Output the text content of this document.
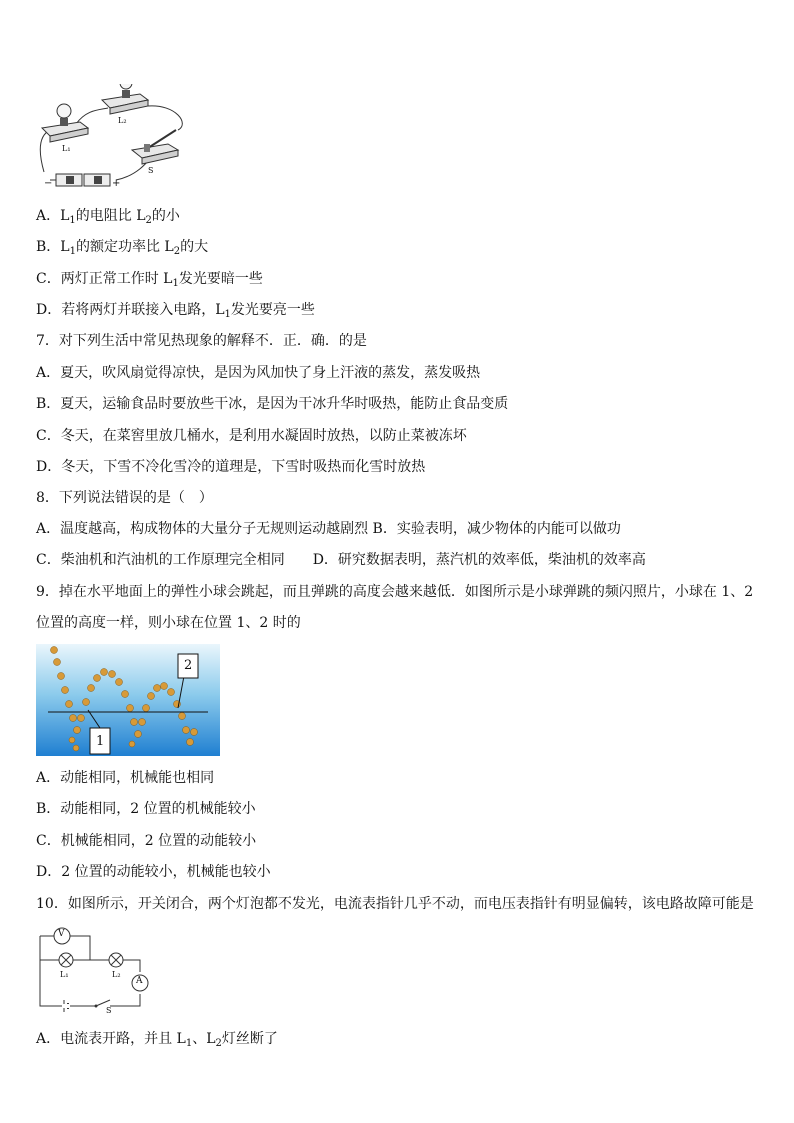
L₂
L₁
S
−	+
A．$L_1$的电阻比 $L_2$的小
B．$L_1$的额定功率比 $L_2$的大
C．两灯正常工作时 $L_1$发光要暗一些
D．若将两灯并联接入电路，$L_1$发光要亮一些
7．对下列生活中常见热现象的解释不．正．确．的是
A．夏天，吹风扇觉得凉快，是因为风加快了身上汗液的蒸发，蒸发吸热
B．夏天，运输食品时要放些干冰，是因为干冰升华时吸热，能防止食品变质
C．冬天，在菜窖里放几桶水，是利用水凝固时放热，以防止菜被冻坏
D．冬天，下雪不冷化雪冷的道理是，下雪时吸热而化雪时放热
8．下列说法错误的是（　）
A．温度越高，构成物体的大量分子无规则运动越剧烈 B．实验表明，减少物体的内能可以做功
C．柴油机和汽油机的工作原理完全相同　　D．研究数据表明，蒸汽机的效率低，柴油机的效率高
9．掉在水平地面上的弹性小球会跳起，而且弹跳的高度会越来越低．如图所示是小球弹跳的频闪照片，小球在 1、2
位置的高度一样，则小球在位置 1、2 时的
1
2
A．动能相同，机械能也相同
B．动能相同，2 位置的机械能较小
C．机械能相同，2 位置的动能较小
D．2 位置的动能较小，机械能也较小
10．如图所示，开关闭合，两个灯泡都不发光，电流表指针几乎不动，而电压表指针有明显偏转，该电路故障可能是
V
A
L₁	L₂
S
A．电流表开路，并且 $L_1$、$L_2$灯丝断了
